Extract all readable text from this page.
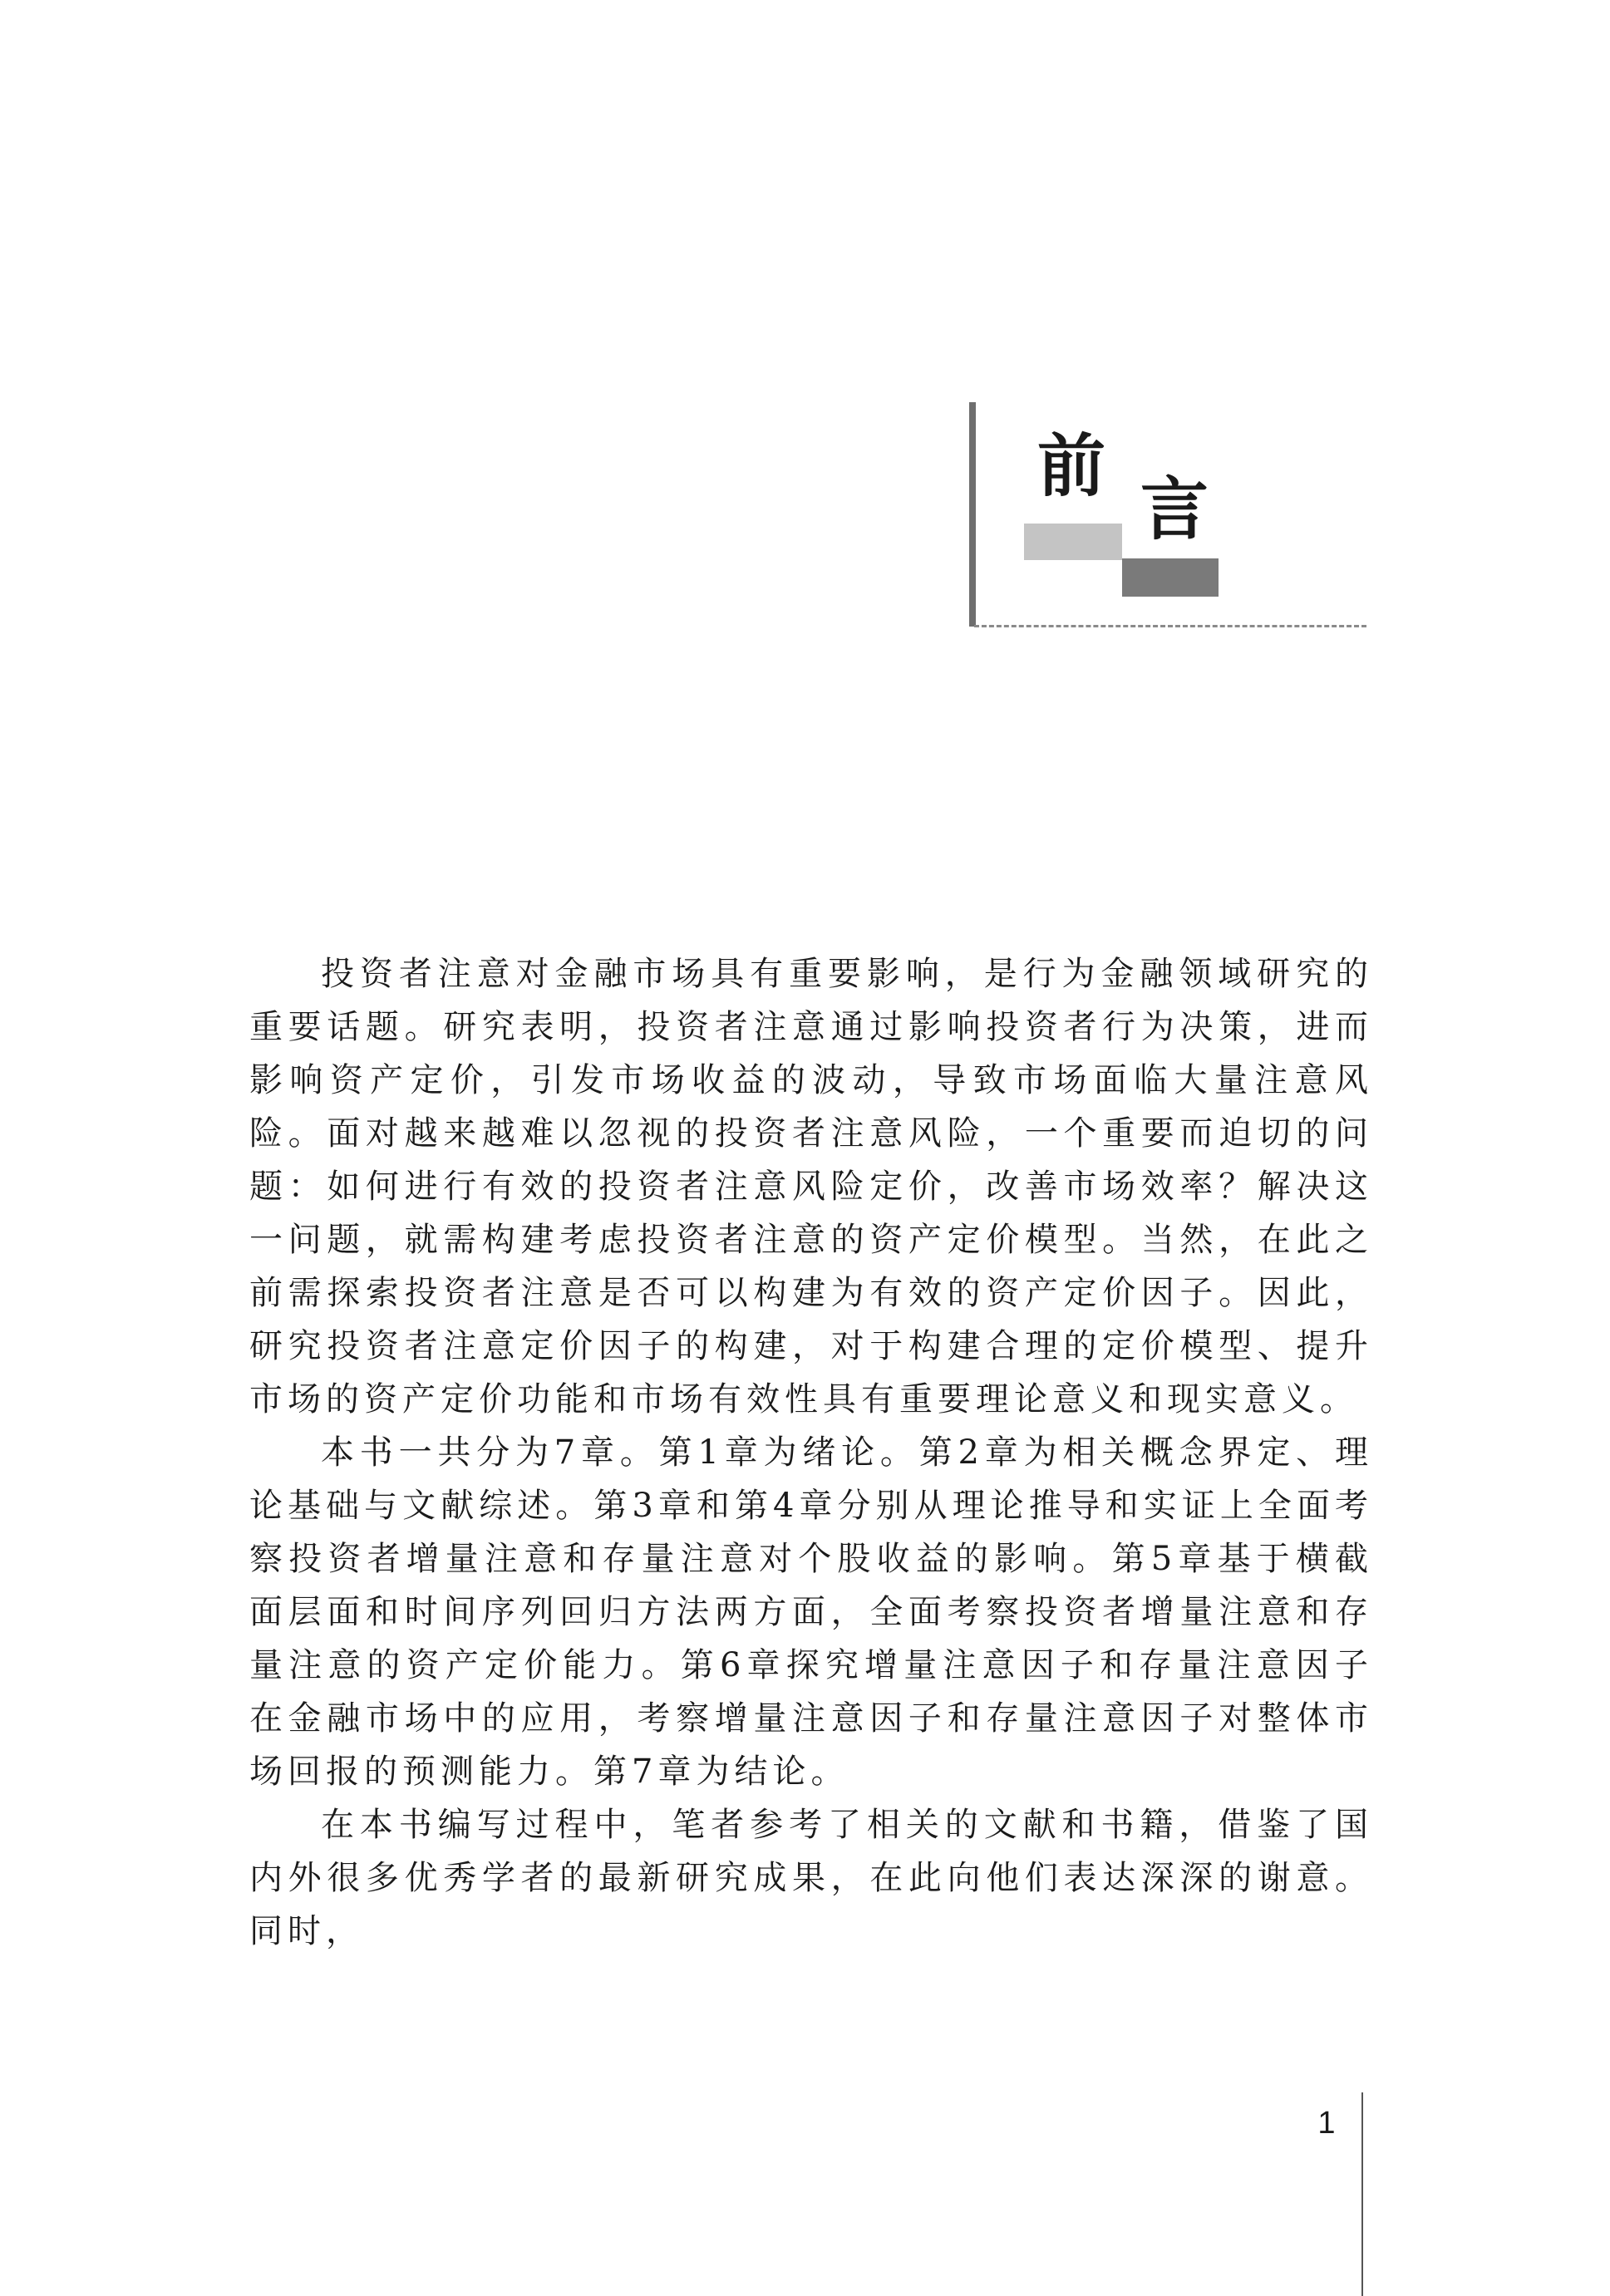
前
言

投资者注意对金融市场具有重要影响，是行为金融领域研究的重要话题。研究表明，投资者注意通过影响投资者行为决策，进而影响资产定价，引发市场收益的波动，导致市场面临大量注意风险。面对越来越难以忽视的投资者注意风险，一个重要而迫切的问题：如何进行有效的投资者注意风险定价，改善市场效率？解决这一问题，就需构建考虑投资者注意的资产定价模型。当然，在此之前需探索投资者注意是否可以构建为有效的资产定价因子。因此，研究投资者注意定价因子的构建，对于构建合理的定价模型、提升市场的资产定价功能和市场有效性具有重要理论意义和现实意义。

本书一共分为7章。第1章为绪论。第2章为相关概念界定、理论基础与文献综述。第3章和第4章分别从理论推导和实证上全面考察投资者增量注意和存量注意对个股收益的影响。第5章基于横截面层面和时间序列回归方法两方面，全面考察投资者增量注意和存量注意的资产定价能力。第6章探究增量注意因子和存量注意因子在金融市场中的应用，考察增量注意因子和存量注意因子对整体市场回报的预测能力。第7章为结论。

在本书编写过程中，笔者参考了相关的文献和书籍，借鉴了国内外很多优秀学者的最新研究成果，在此向他们表达深深的谢意。同时，

1
